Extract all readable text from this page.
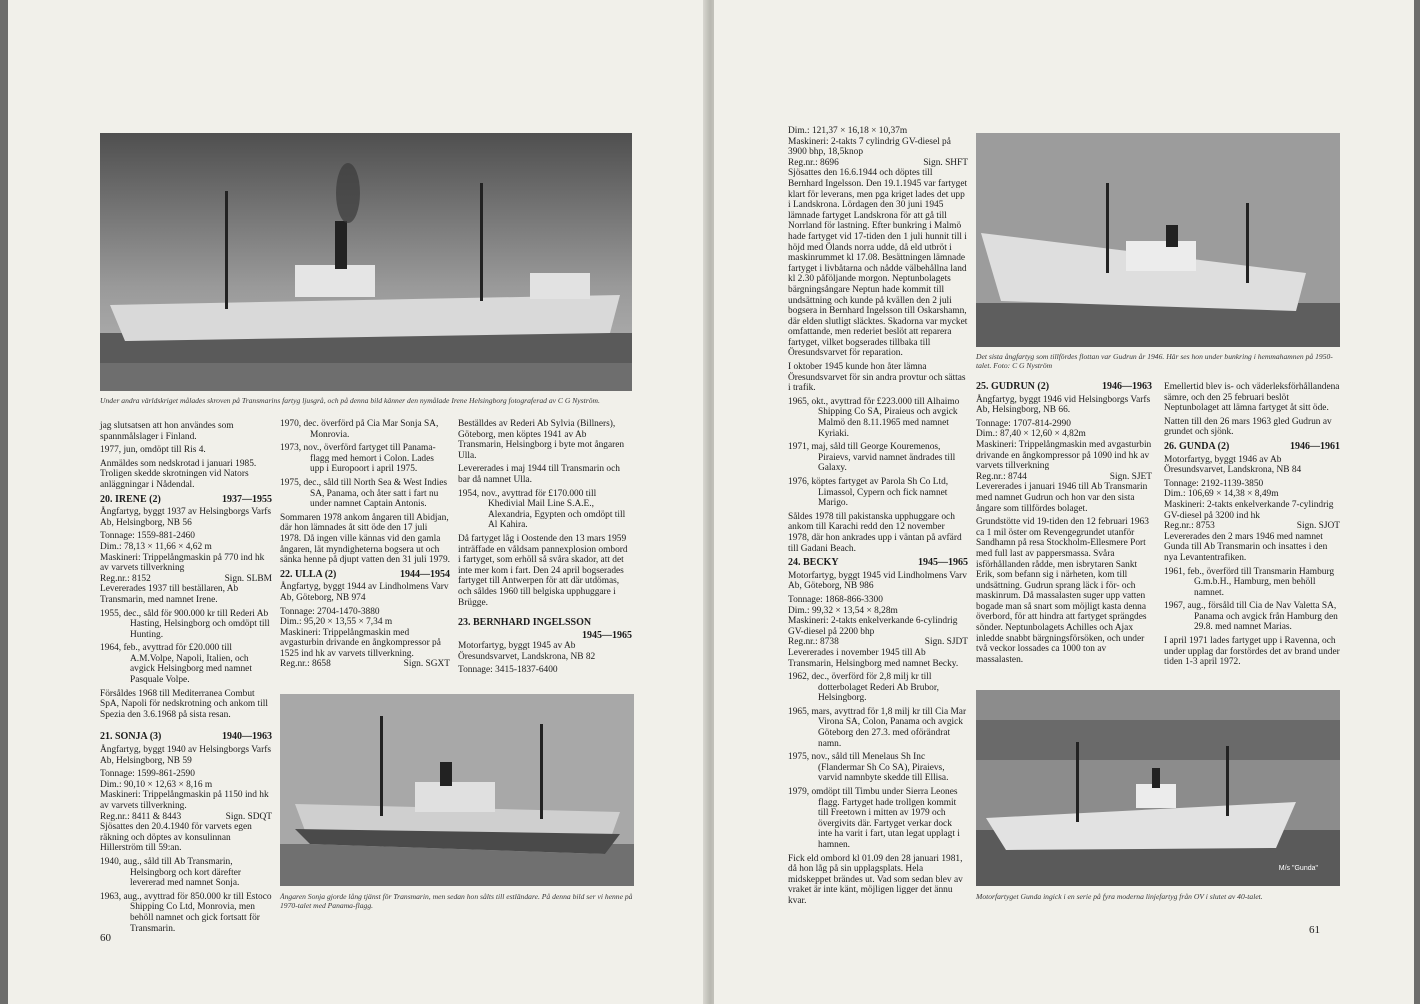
Under andra världskriget målades skroven på Transmarins fartyg ljusgrå, och på denna bild känner den nymålade Irene Helsingborg fotograferad av C G Nyström.

jag slutsatsen att hon användes som spannmålslager i Finland.

1977, jun, omdöpt till Ris 4.

Anmäldes som nedskrotad i januari 1985. Troligen skedde skrotningen vid Nators anläggningar i Nådendal.

20. IRENE (2)	1937—1955

Ångfartyg, byggt 1937 av Helsingborgs Varfs Ab, Helsingborg, NB 56

Tonnage: 1559-881-2460
Dim.: 78,13 × 11,66 × 4,62 m
Maskineri: Trippelångmaskin på 770 ind hk av varvets tillverkning
Reg.nr.: 8152	Sign. SLBM

Levererades 1937 till beställaren, Ab Transmarin, med namnet Irene.

1955, dec., såld för 900.000 kr till Rederi Ab Hasting, Helsingborg och omdöpt till Hunting.

1964, feb., avyttrad för £20.000 till A.M.Volpe, Napoli, Italien, och avgick Helsingborg med namnet Pasquale Volpe.

Försåldes 1968 till Mediterranea Combut SpA, Napoli för nedskrotning och ankom till Spezia den 3.6.1968 på sista resan.

21. SONJA (3)	1940—1963

Ångfartyg, byggt 1940 av Helsingborgs Varfs Ab, Helsingborg, NB 59

Tonnage: 1599-861-2590
Dim.: 90,10 × 12,63 × 8,16 m
Maskineri: Trippelångmaskin på 1150 ind hk av varvets tillverkning.
Reg.nr.: 8411 & 8443	Sign. SDQT

Sjösattes den 20.4.1940 för varvets egen räkning och döptes av konsulinnan Hillerström till 59:an.

1940, aug., såld till Ab Transmarin, Helsingborg och kort därefter levererad med namnet Sonja.

1963, aug., avyttrad för 850.000 kr till Estoco Shipping Co Ltd, Monrovia, men behöll namnet och gick fortsatt för Transmarin.

1970, dec. överförd på Cia Mar Sonja SA, Monrovia.

1973, nov., överförd fartyget till Panama-flagg med hemort i Colon. Lades upp i Europoort i april 1975.

1975, dec., såld till North Sea & West Indies SA, Panama, och åter satt i fart nu under namnet Captain Antonis.

Sommaren 1978 ankom ångaren till Abidjan, där hon lämnades åt sitt öde den 17 juli 1978. Då ingen ville kännas vid den gamla ångaren, lät myndigheterna bogsera ut och sänka henne på djupt vatten den 31 juli 1979.

22. ULLA (2)	1944—1954

Ångfartyg, byggt 1944 av Lindholmens Varv Ab, Göteborg, NB 974

Tonnage: 2704-1470-3880
Dim.: 95,20 × 13,55 × 7,34 m
Maskineri: Trippelångmaskin med avgasturbin drivande en ångkompressor på 1525 ind hk av varvets tillverkning.
Reg.nr.: 8658	Sign. SGXT

Beställdes av Rederi Ab Sylvia (Billners), Göteborg, men köptes 1941 av Ab Transmarin, Helsingborg i byte mot ångaren Ulla.

Levererades i maj 1944 till Transmarin och bar då namnet Ulla.

1954, nov., avyttrad för £170.000 till Khedivial Mail Line S.A.E., Alexandria, Egypten och omdöpt till Al Kahira.

Då fartyget låg i Oostende den 13 mars 1959 inträffade en våldsam pannexplosion ombord i fartyget, som erhöll så svåra skador, att det inte mer kom i fart. Den 24 april bogserades fartyget till Antwerpen för att där utdömas, och såldes 1960 till belgiska upphuggare i Brügge.

23. BERNHARD INGELSSON
1945—1965

Motorfartyg, byggt 1945 av Ab Öresundsvarvet, Landskrona, NB 82

Tonnage: 3415-1837-6400
Ångaren Sonja gjorde lång tjänst för Transmarin, men sedan hon sålts till estländare. På denna bild ser vi henne på 1970-talet med Panama-flagg.
60
Dim.: 121,37 × 16,18 × 10,37m
Maskineri: 2-takts 7 cylindrig GV-diesel på 3900 bhp, 18,5knop
Reg.nr.: 8696	Sign. SHFT

Sjösattes den 16.6.1944 och döptes till Bernhard Ingelsson. Den 19.1.1945 var fartyget klart för leverans, men pga kriget lades det upp i Landskrona. Lördagen den 30 juni 1945 lämnade fartyget Landskrona för att gå till Norrland för lastning. Efter bunkring i Malmö hade fartyget vid 17-tiden den 1 juli hunnit till i höjd med Ölands norra udde, då eld utbröt i maskinrummet kl 17.08. Besättningen lämnade fartyget i livbåtarna och nådde välbehållna land kl 2.30 påföljande morgon. Neptunbolagets bärgningsångare Neptun hade kommit till undsättning och kunde på kvällen den 2 juli bogsera in Bernhard Ingelsson till Oskarshamn, där elden slutligt släcktes. Skadorna var mycket omfattande, men rederiet beslöt att reparera fartyget, vilket bogserades tillbaka till Öresundsvarvet för reparation.

I oktober 1945 kunde hon åter lämna Öresundsvarvet för sin andra provtur och sättas i trafik.

1965, okt., avyttrad för £223.000 till Alhaimo Shipping Co SA, Piraieus och avgick Malmö den 8.11.1965 med namnet Kyriaki.

1971, maj, såld till George Kouremenos, Piraievs, varvid namnet ändrades till Galaxy.

1976, köptes fartyget av Parola Sh Co Ltd, Limassol, Cypern och fick namnet Marigo.

Såldes 1978 till pakistanska upphuggare och ankom till Karachi redd den 12 november 1978, där hon ankrades upp i väntan på avfärd till Gadani Beach.

24. BECKY	1945—1965

Motorfartyg, byggt 1945 vid Lindholmens Varv Ab, Göteborg, NB 986

Tonnage: 1868-866-3300
Dim.: 99,32 × 13,54 × 8,28m
Maskineri: 2-takts enkelverkande 6-cylindrig GV-diesel på 2200 bhp
Reg.nr.: 8738	Sign. SJDT

Levererades i november 1945 till Ab Transmarin, Helsingborg med namnet Becky.

1962, dec., överförd för 2,8 milj kr till dotterbolaget Rederi Ab Brubor, Helsingborg.

1965, mars, avyttrad för 1,8 milj kr till Cia Mar Virona SA, Colon, Panama och avgick Göteborg den 27.3. med oförändrat namn.

1975, nov., såld till Menelaus Sh Inc (Flandermar Sh Co SA), Piraievs, varvid namnbyte skedde till Ellisa.

1979, omdöpt till Timbu under Sierra Leones flagg. Fartyget hade trollgen kommit till Freetown i mitten av 1979 och övergivits där. Fartyget verkar dock inte ha varit i fart, utan legat upplagt i hamnen.

Fick eld ombord kl 01.09 den 28 januari 1981, då hon låg på sin upplagsplats. Hela midskeppet brändes ut. Vad som sedan blev av vraket är inte känt, möjligen ligger det ännu kvar.

Det sista ångfartyg som tillfördes flottan var Gudrun år 1946. Här ses hon under bunkring i hemmahamnen på 1950-talet. Foto: C G Nyström
25. GUDRUN (2)	1946—1963

Ångfartyg, byggt 1946 vid Helsingborgs Varfs Ab, Helsingborg, NB 66.

Tonnage: 1707-814-2990
Dim.: 87,40 × 12,60 × 4,82m
Maskineri: Trippelångmaskin med avgasturbin drivande en ångkompressor på 1090 ind hk av varvets tillverkning
Reg.nr.: 8744	Sign. SJET

Levererades i januari 1946 till Ab Transmarin med namnet Gudrun och hon var den sista ångare som tillfördes bolaget.

Grundstötte vid 19-tiden den 12 februari 1963 ca 1 mil öster om Revengegrundet utanför Sandhamn på resa Stockholm-Ellesmere Port med full last av pappersmassa. Svåra isförhållanden rådde, men isbrytaren Sankt Erik, som befann sig i närheten, kom till undsättning. Gudrun sprang läck i för- och maskinrum. Då massalasten suger upp vatten bogade man så snart som möjligt kasta denna överbord, för att hindra att fartyget sprängdes sönder. Neptunbolagets Achilles och Ajax inledde snabbt bärgningsförsöken, och under två veckor lossades ca 1000 ton av massalasten.

Emellertid blev is- och väderleksförhållandena sämre, och den 25 februari beslöt Neptunbolaget att lämna fartyget åt sitt öde.

Natten till den 26 mars 1963 gled Gudrun av grundet och sjönk.

26. GUNDA (2)	1946—1961

Motorfartyg, byggt 1946 av Ab Öresundsvarvet, Landskrona, NB 84

Tonnage: 2192-1139-3850
Dim.: 106,69 × 14,38 × 8,49m
Maskineri: 2-takts enkelverkande 7-cylindrig GV-diesel på 3200 ind hk
Reg.nr.: 8753	Sign. SJOT

Levererades den 2 mars 1946 med namnet Gunda till Ab Transmarin och insattes i den nya Levantentrafiken.

1961, feb., överförd till Transmarin Hamburg G.m.b.H., Hamburg, men behöll namnet.

1967, aug., försåld till Cia de Nav Valetta SA, Panama och avgick från Hamburg den 29.8. med namnet Marias.

I april 1971 lades fartyget upp i Ravenna, och under upplag dar forstördes det av brand under tiden 1-3 april 1972.

M/s "Gunda"
Motorfartyget Gunda ingick i en serie på fyra moderna linjefartyg från OV i slutet av 40-talet.
61
